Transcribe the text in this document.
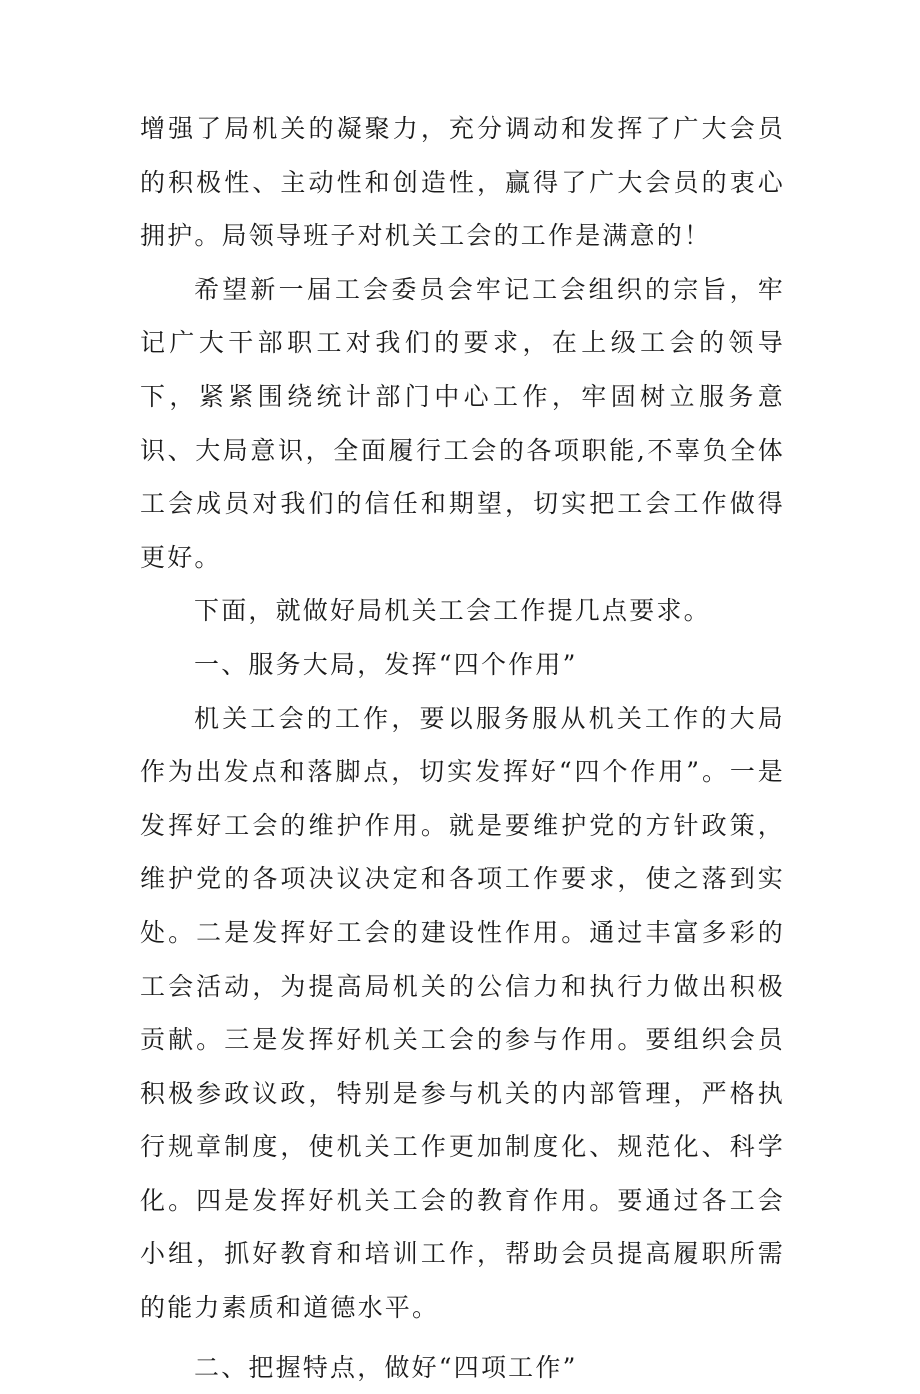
增强了局机关的凝聚力，充分调动和发挥了广大会员的积极性、主动性和创造性，赢得了广大会员的衷心拥护。局领导班子对机关工会的工作是满意的！

希望新一届工会委员会牢记工会组织的宗旨，牢记广大干部职工对我们的要求，在上级工会的领导下，紧紧围绕统计部门中心工作，牢固树立服务意识、大局意识，全面履行工会的各项职能,不辜负全体工会成员对我们的信任和期望，切实把工会工作做得更好。

下面，就做好局机关工会工作提几点要求。

一、服务大局，发挥“四个作用”

机关工会的工作，要以服务服从机关工作的大局作为出发点和落脚点，切实发挥好“四个作用”。一是发挥好工会的维护作用。就是要维护党的方针政策，维护党的各项决议决定和各项工作要求，使之落到实处。二是发挥好工会的建设性作用。通过丰富多彩的工会活动，为提高局机关的公信力和执行力做出积极贡献。三是发挥好机关工会的参与作用。要组织会员积极参政议政，特别是参与机关的内部管理，严格执行规章制度，使机关工作更加制度化、规范化、科学化。四是发挥好机关工会的教育作用。要通过各工会小组，抓好教育和培训工作，帮助会员提高履职所需的能力素质和道德水平。

二、把握特点，做好“四项工作”
